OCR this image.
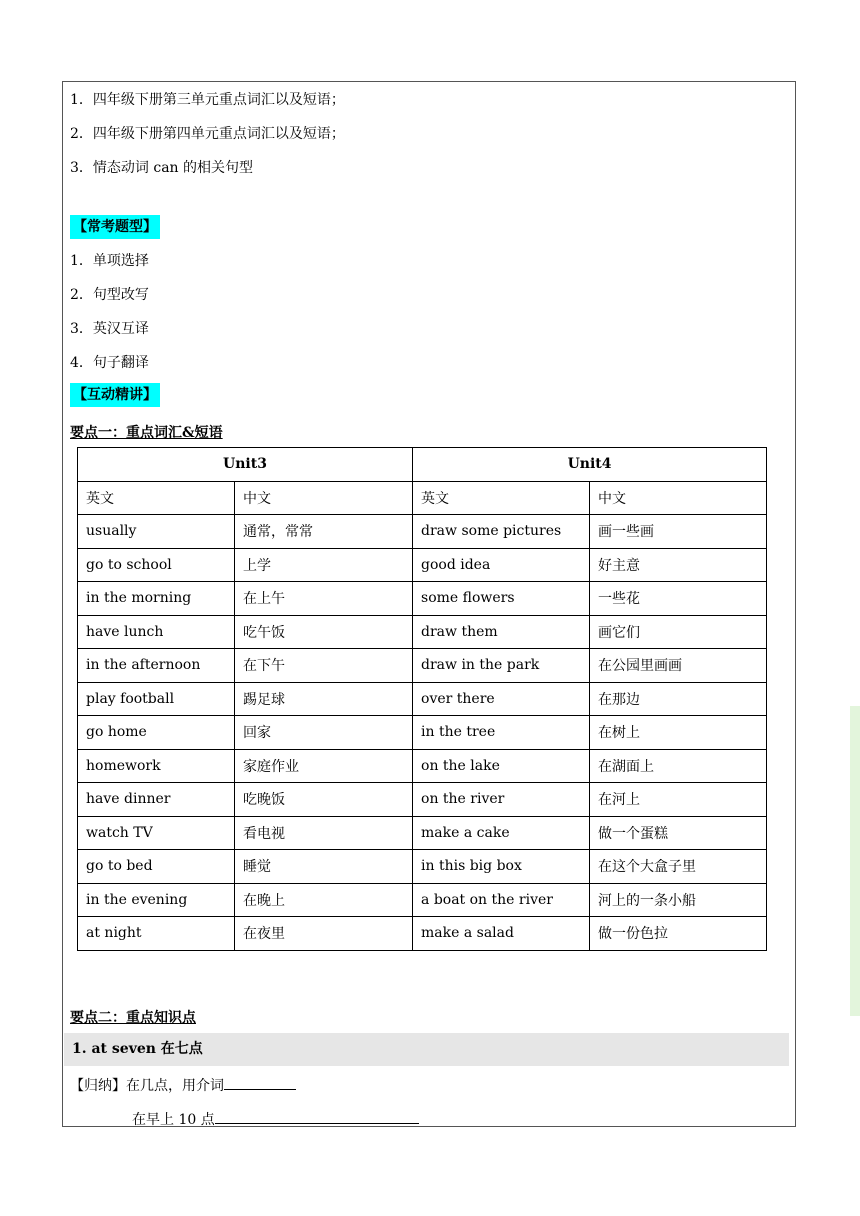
1．四年级下册第三单元重点词汇以及短语；
2．四年级下册第四单元重点词汇以及短语；
3．情态动词 can 的相关句型
【常考题型】
1．单项选择
2．句型改写
3．英汉互译
4．句子翻译
【互动精讲】
要点一：重点词汇&短语
Unit3		Unit4	
英文	中文	英文	中文
usually	通常，常常	draw some pictures	画一些画
go to school	上学	good idea	好主意
in the morning	在上午	some flowers	一些花
have lunch	吃午饭	draw them	画它们
in the afternoon	在下午	draw in the park	在公园里画画
play football	踢足球	over there	在那边
go home	回家	in the tree	在树上
homework	家庭作业	on the lake	在湖面上
have dinner	吃晚饭	on the river	在河上
watch TV	看电视	make a cake	做一个蛋糕
go to bed	睡觉	in this big box	在这个大盒子里
in the evening	在晚上	a boat on the river	河上的一条小船
at night	在夜里	make a salad	做一份色拉
要点二：重点知识点
1. at seven 在七点
【归纳】在几点，用介词
在早上 10 点
